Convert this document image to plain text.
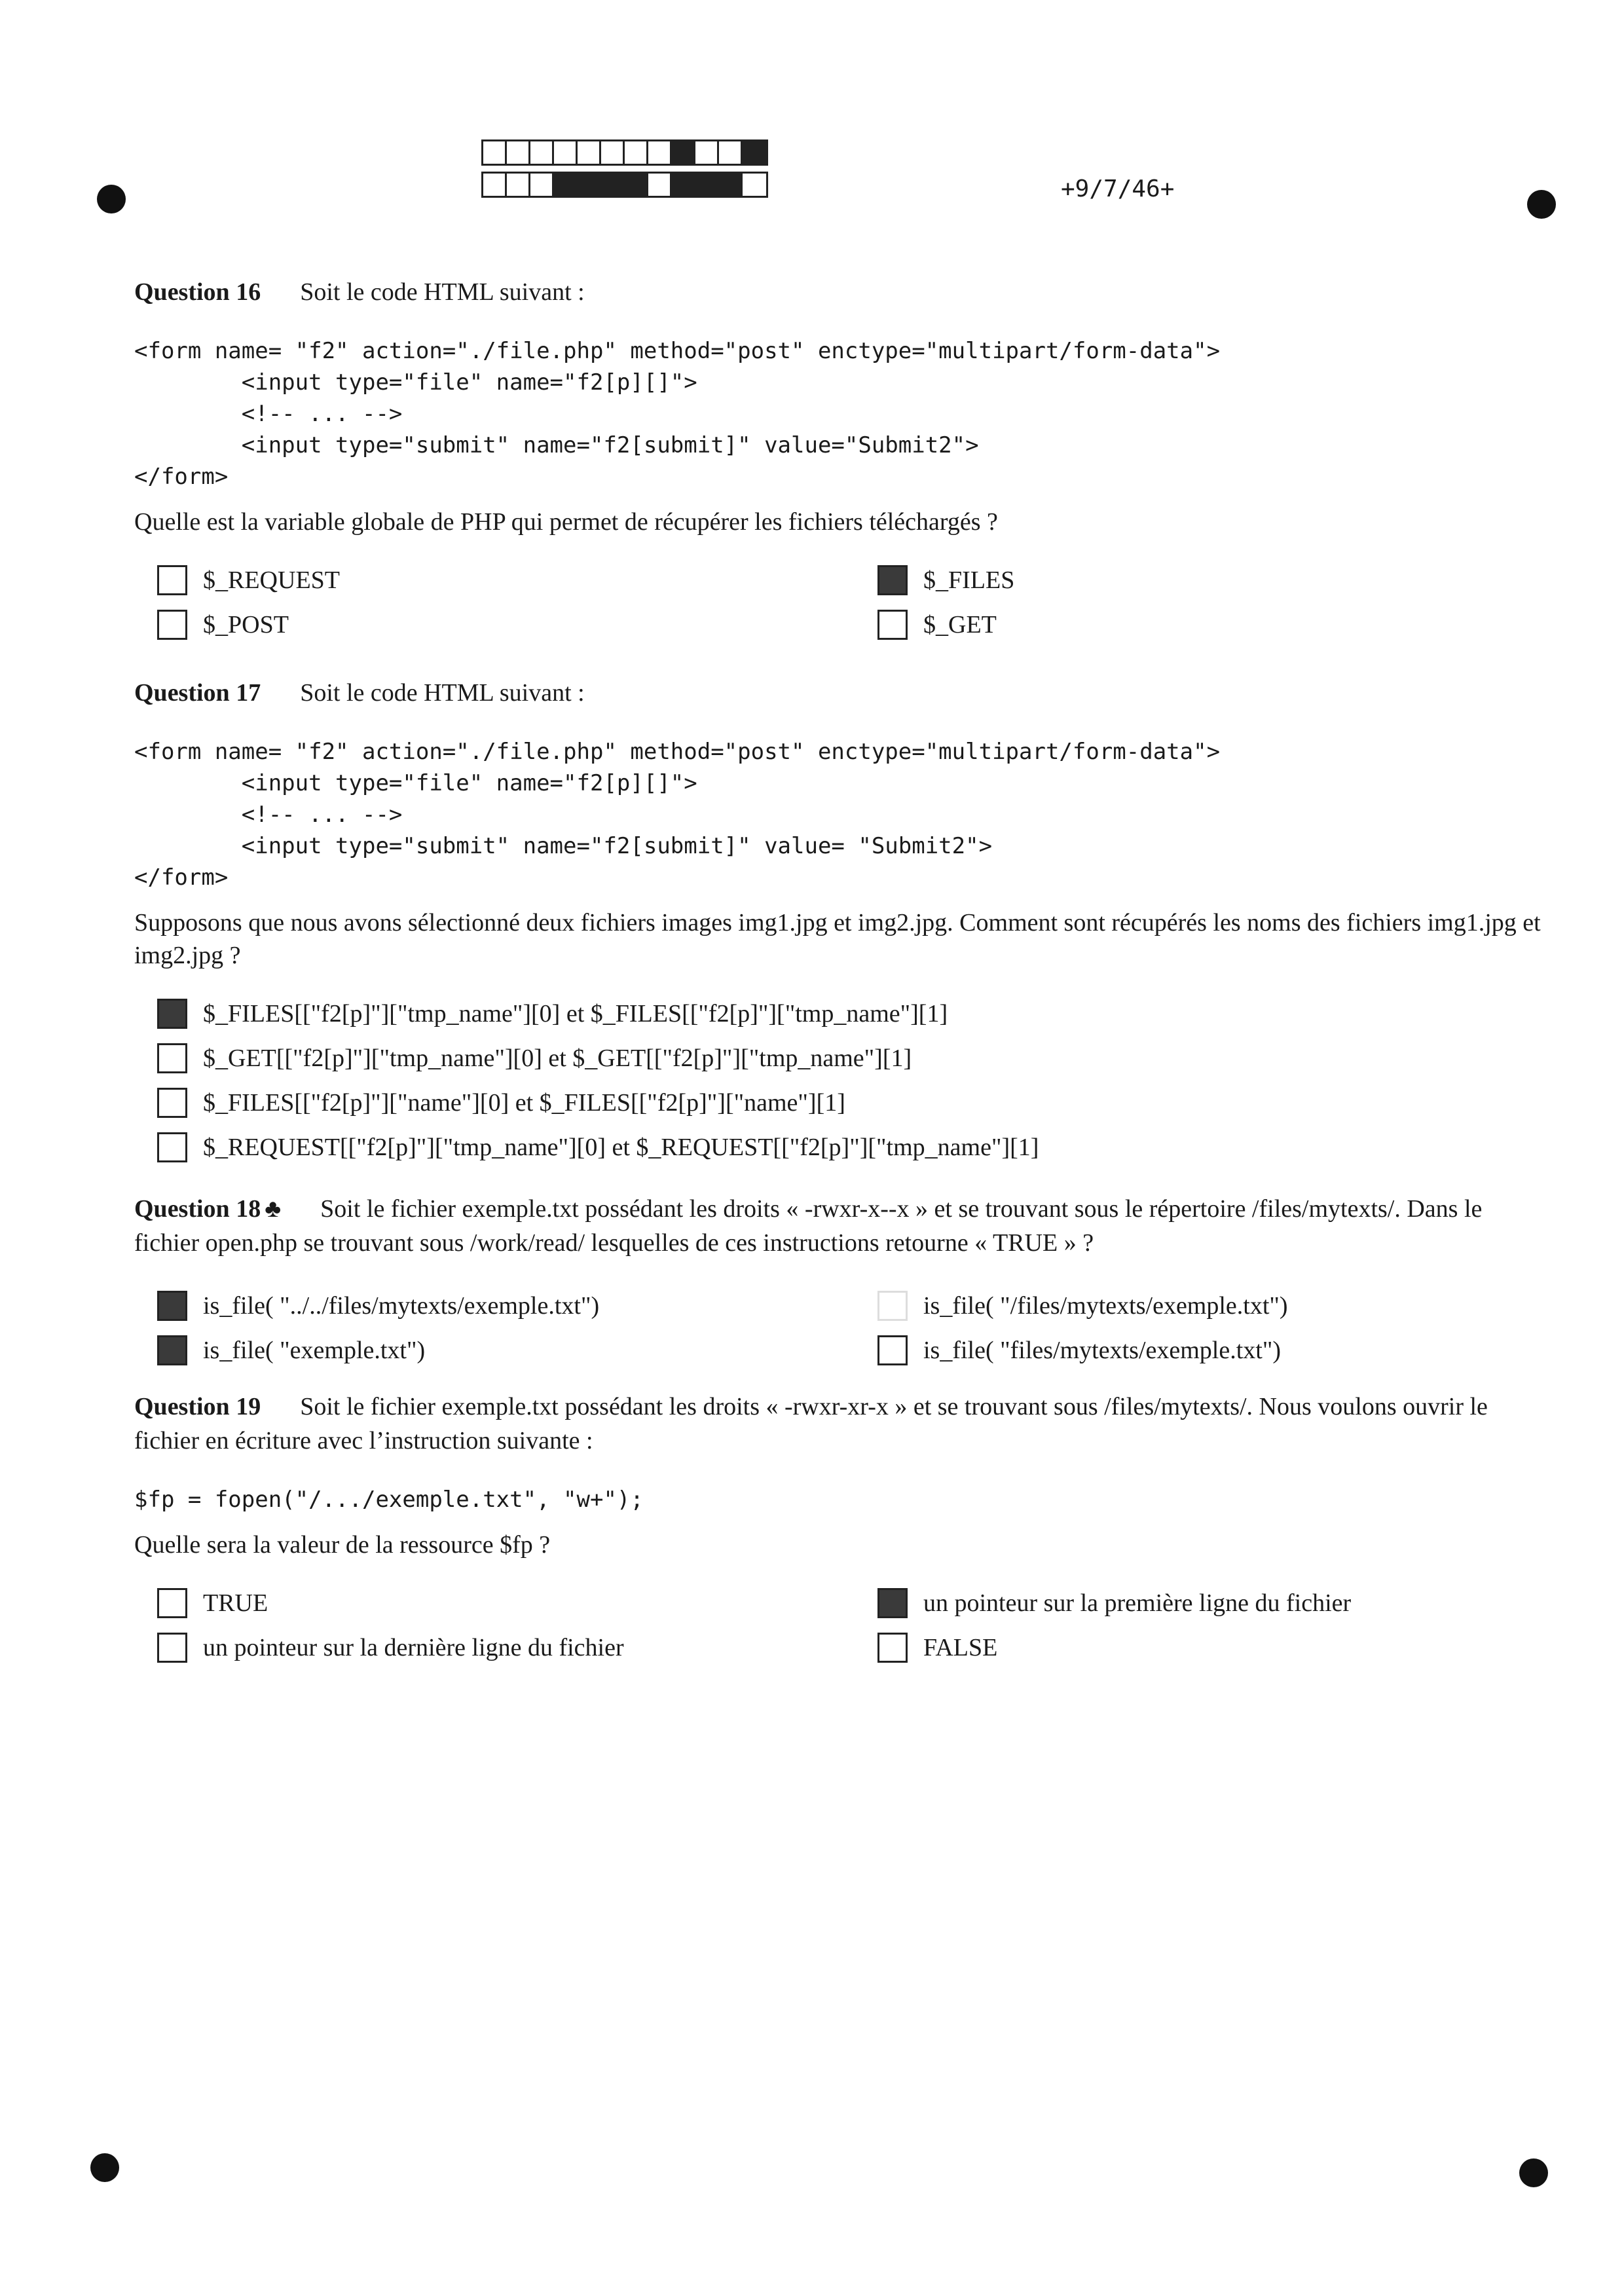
+9/7/46+
Question 16 Soit le code HTML suivant :
<form name= "f2" action="./file.php" method="post" enctype="multipart/form-data">
<input type="file" name="f2[p][]">
<!-- ... -->
<input type="submit" name="f2[submit]" value="Submit2">
</form>
Quelle est la variable globale de PHP qui permet de récupérer les fichiers téléchargés ?
$_REQUEST	$_FILES
$_POST	$_GET
Question 17 Soit le code HTML suivant :
<form name= "f2" action="./file.php" method="post" enctype="multipart/form-data">
<input type="file" name="f2[p][]">
<!-- ... -->
<input type="submit" name="f2[submit]" value= "Submit2">
</form>
Supposons que nous avons sélectionné deux fichiers images img1.jpg et img2.jpg. Comment sont récupérés les noms des fichiers img1.jpg et img2.jpg ?
$_FILES[["f2[p]"]["tmp_name"][0] et $_FILES[["f2[p]"]["tmp_name"][1]
$_GET[["f2[p]"]["tmp_name"][0] et $_GET[["f2[p]"]["tmp_name"][1]
$_FILES[["f2[p]"]["name"][0] et $_FILES[["f2[p]"]["name"][1]
$_REQUEST[["f2[p]"]["tmp_name"][0] et $_REQUEST[["f2[p]"]["tmp_name"][1]
Question 18 ♣ Soit le fichier exemple.txt possédant les droits « -rwxr-x--x » et se trouvant sous le répertoire /files/mytexts/. Dans le fichier open.php se trouvant sous /work/read/ lesquelles de ces instructions retourne « TRUE » ?
is_file( "../../files/mytexts/exemple.txt")	is_file( "/files/mytexts/exemple.txt")
is_file( "exemple.txt")	is_file( "files/mytexts/exemple.txt")
Question 19 Soit le fichier exemple.txt possédant les droits « -rwxr-xr-x » et se trouvant sous /files/mytexts/. Nous voulons ouvrir le fichier en écriture avec l’instruction suivante :
$fp = fopen("/.../exemple.txt", "w+");
Quelle sera la valeur de la ressource $fp ?
TRUE	un pointeur sur la première ligne du fichier
un pointeur sur la dernière ligne du fichier	FALSE
